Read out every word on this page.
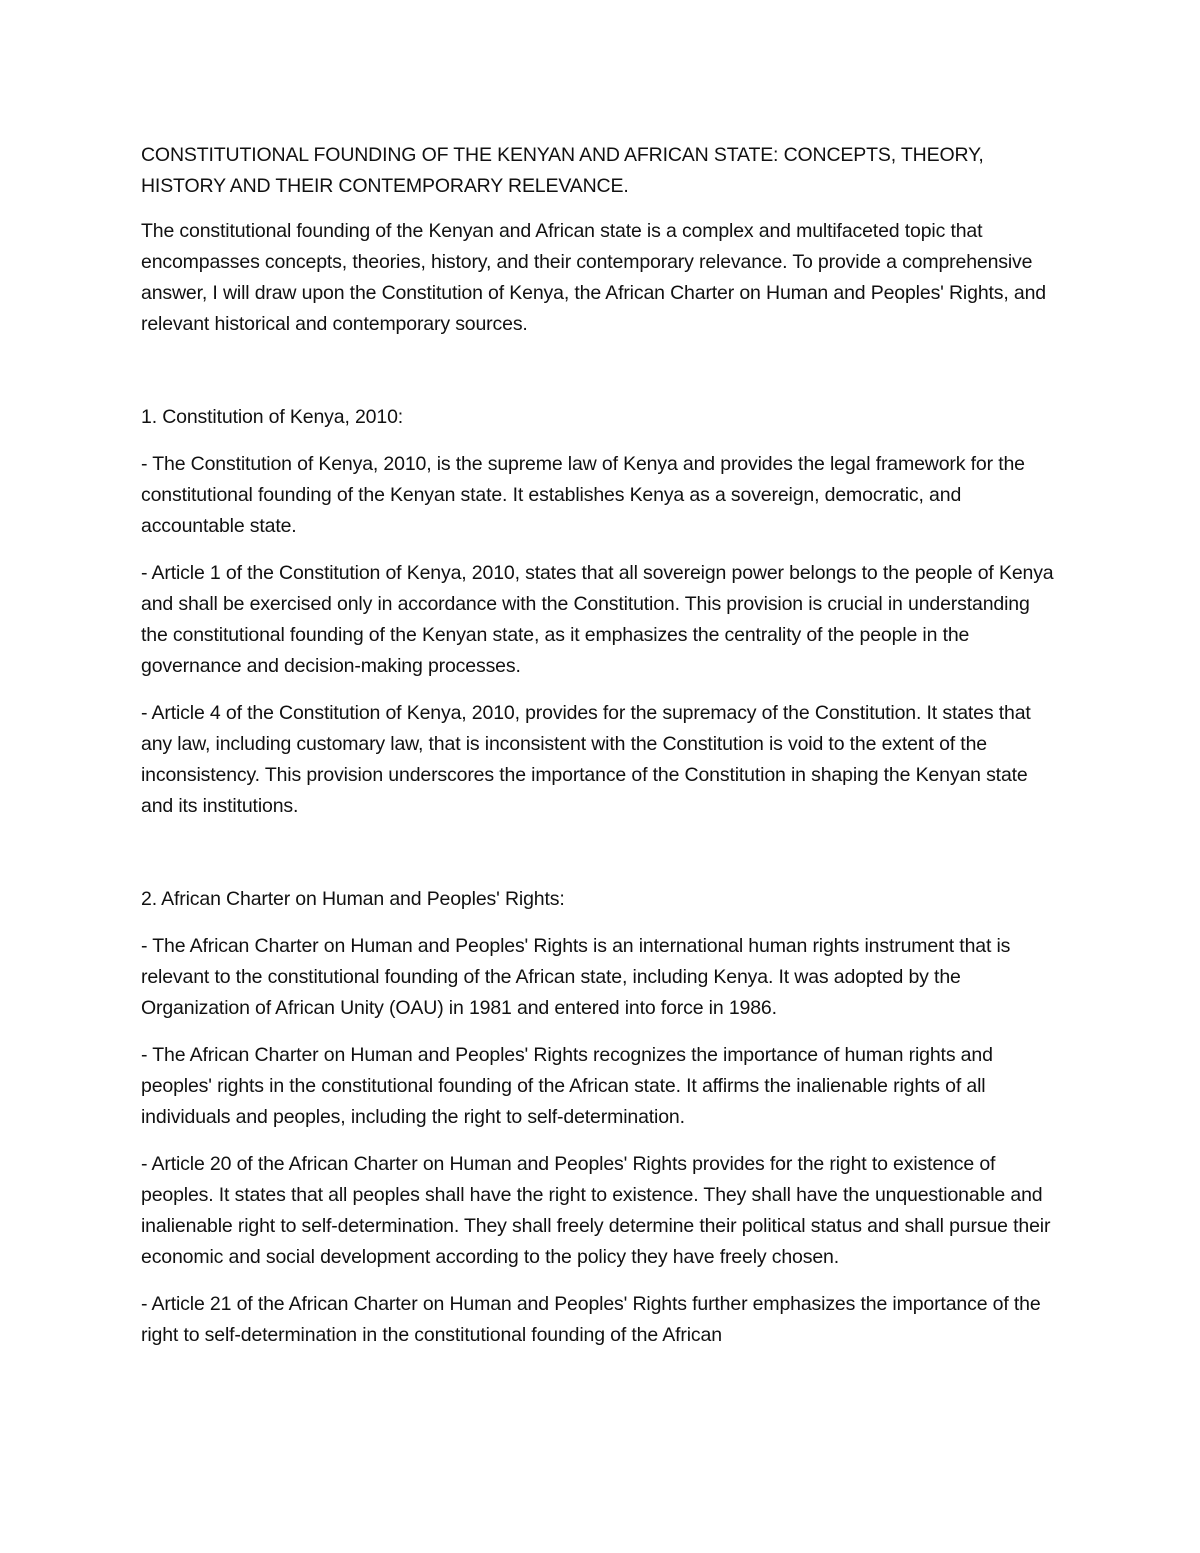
CONSTITUTIONAL FOUNDING OF THE KENYAN AND AFRICAN STATE: CONCEPTS, THEORY, HISTORY AND THEIR CONTEMPORARY RELEVANCE.

The constitutional founding of the Kenyan and African state is a complex and multifaceted topic that encompasses concepts, theories, history, and their contemporary relevance. To provide a comprehensive answer, I will draw upon the Constitution of Kenya, the African Charter on Human and Peoples' Rights, and relevant historical and contemporary sources.

1. Constitution of Kenya, 2010:

- The Constitution of Kenya, 2010, is the supreme law of Kenya and provides the legal framework for the constitutional founding of the Kenyan state. It establishes Kenya as a sovereign, democratic, and accountable state.

- Article 1 of the Constitution of Kenya, 2010, states that all sovereign power belongs to the people of Kenya and shall be exercised only in accordance with the Constitution. This provision is crucial in understanding the constitutional founding of the Kenyan state, as it emphasizes the centrality of the people in the governance and decision-making processes.

- Article 4 of the Constitution of Kenya, 2010, provides for the supremacy of the Constitution. It states that any law, including customary law, that is inconsistent with the Constitution is void to the extent of the inconsistency. This provision underscores the importance of the Constitution in shaping the Kenyan state and its institutions.

2. African Charter on Human and Peoples' Rights:

- The African Charter on Human and Peoples' Rights is an international human rights instrument that is relevant to the constitutional founding of the African state, including Kenya. It was adopted by the Organization of African Unity (OAU) in 1981 and entered into force in 1986.

- The African Charter on Human and Peoples' Rights recognizes the importance of human rights and peoples' rights in the constitutional founding of the African state. It affirms the inalienable rights of all individuals and peoples, including the right to self-determination.

- Article 20 of the African Charter on Human and Peoples' Rights provides for the right to existence of peoples. It states that all peoples shall have the right to existence. They shall have the unquestionable and inalienable right to self-determination. They shall freely determine their political status and shall pursue their economic and social development according to the policy they have freely chosen.

- Article 21 of the African Charter on Human and Peoples' Rights further emphasizes the importance of the right to self-determination in the constitutional founding of the African
